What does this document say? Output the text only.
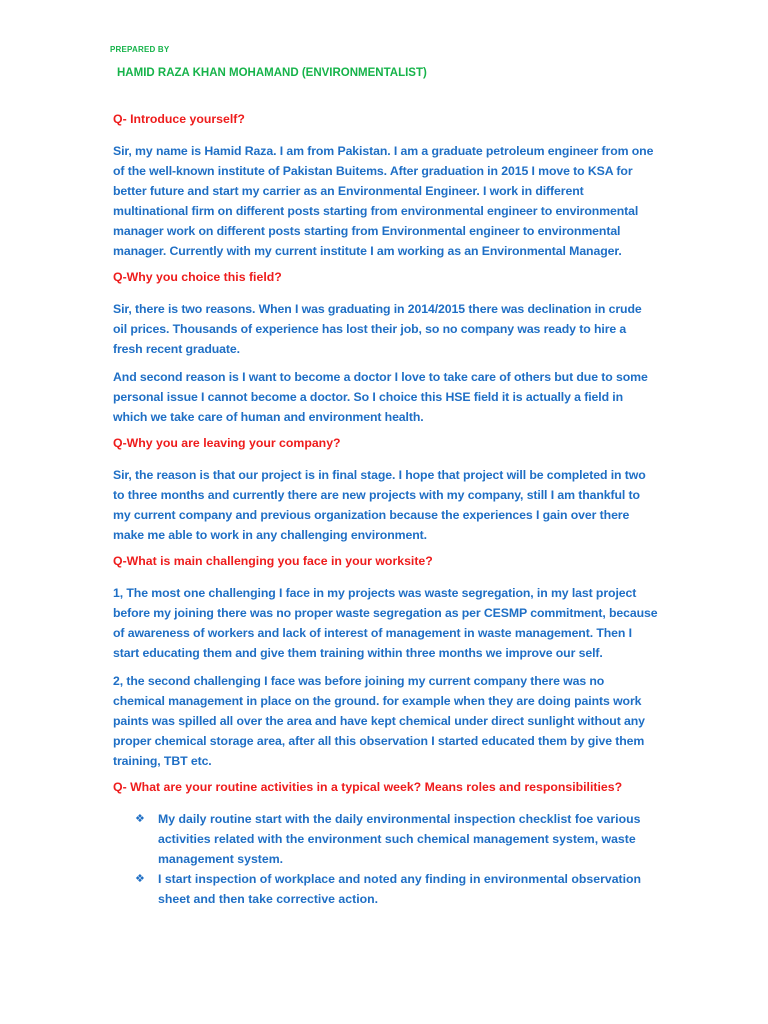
PREPARED BY
HAMID RAZA KHAN MOHAMAND (ENVIRONMENTALIST)
Q- Introduce yourself?
Sir, my name is Hamid Raza. I am from Pakistan. I am a graduate petroleum engineer from one of the well-known institute of Pakistan Buitems. After graduation in 2015 I move to KSA for better future and start my carrier as an Environmental Engineer. I work in different multinational firm on different posts starting from environmental engineer to environmental manager work on different posts starting from Environmental engineer to environmental manager. Currently with my current institute I am working as an Environmental Manager.
Q-Why you choice this field?
Sir, there is two reasons. When I was graduating in 2014/2015 there was declination in crude oil prices. Thousands of experience has lost their job, so no company was ready to hire a fresh recent graduate.
And second reason is I want to become a doctor I love to take care of others but due to some personal issue I cannot become a doctor. So I choice this HSE field it is actually a field in which we take care of human and environment health.
Q-Why you are leaving your company?
Sir, the reason is that our project is in final stage. I hope that project will be completed in two to three months and currently there are new projects with my company, still I am thankful to my current company and previous organization because the experiences I gain over there make me able to work in any challenging environment.
Q-What is main challenging you face in your worksite?
1, The most one challenging I face in my projects was waste segregation, in my last project before my joining there was no proper waste segregation as per CESMP commitment, because of awareness of workers and lack of interest of management in waste management. Then I start educating them and give them training within three months we improve our self.
2, the second challenging I face was before joining my current company there was no chemical management in place on the ground. for example when they are doing paints work paints was spilled all over the area and have kept chemical under direct sunlight without any proper chemical storage area, after all this observation I started educated them by give them training, TBT etc.
Q- What are your routine activities in a typical week? Means roles and responsibilities?
❖ My daily routine start with the daily environmental inspection checklist foe various activities related with the environment such chemical management system, waste management system.
❖ I start inspection of workplace and noted any finding in environmental observation sheet and then take corrective action.
